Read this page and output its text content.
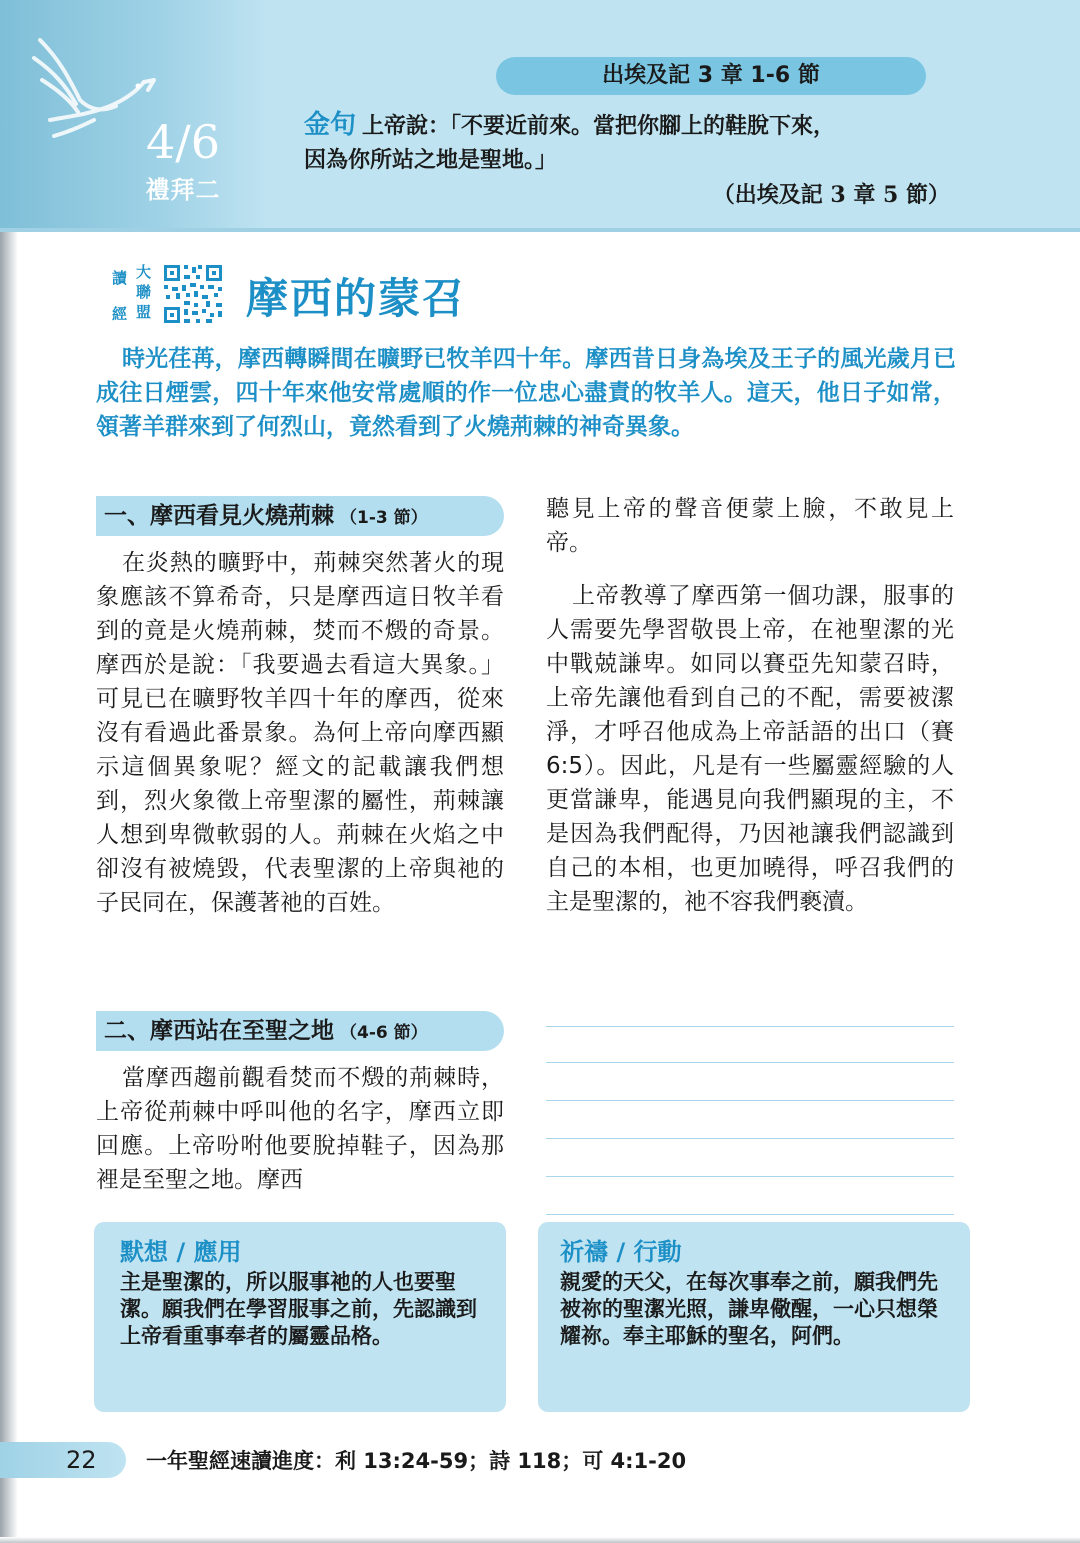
4/6
禮拜二
出埃及記 3 章 1-6 節
金句 上帝說：「不要近前來。當把你腳上的鞋脫下來，
因為你所站之地是聖地。」
（出埃及記 3 章 5 節）
讀 大
聯
經 盟 摩西的蒙召
時光荏苒，摩西轉瞬間在曠野已牧羊四十年。摩西昔日身為埃及王子的風光歲月已成往日煙雲，四十年來他安常處順的作一位忠心盡責的牧羊人。這天，他日子如常，領著羊群來到了何烈山，竟然看到了火燒荊棘的神奇異象。
一、摩西看見火燒荊棘 （1-3 節）
在炎熱的曠野中，荊棘突然著火的現象應該不算希奇，只是摩西這日牧羊看到的竟是火燒荊棘，焚而不燬的奇景。摩西於是說：「我要過去看這大異象。」可見已在曠野牧羊四十年的摩西，從來沒有看過此番景象。為何上帝向摩西顯示這個異象呢？經文的記載讓我們想到，烈火象徵上帝聖潔的屬性，荊棘讓人想到卑微軟弱的人。荊棘在火焰之中卻沒有被燒毀，代表聖潔的上帝與祂的子民同在，保護著祂的百姓。
二、摩西站在至聖之地 （4-6 節）
當摩西趨前觀看焚而不燬的荊棘時，上帝從荊棘中呼叫他的名字，摩西立即回應。上帝吩咐他要脫掉鞋子，因為那裡是至聖之地。摩西
聽見上帝的聲音便蒙上臉，不敢見上帝。
上帝教導了摩西第一個功課，服事的人需要先學習敬畏上帝，在祂聖潔的光中戰兢謙卑。如同以賽亞先知蒙召時，上帝先讓他看到自己的不配，需要被潔淨，才呼召他成為上帝話語的出口（賽 6:5）。因此，凡是有一些屬靈經驗的人更當謙卑，能遇見向我們顯現的主，不是因為我們配得，乃因祂讓我們認識到自己的本相，也更加曉得，呼召我們的主是聖潔的，祂不容我們褻瀆。
默想 / 應用
主是聖潔的，所以服事祂的人也要聖潔。願我們在學習服事之前，先認識到上帝看重事奉者的屬靈品格。
祈禱 / 行動
親愛的天父，在每次事奉之前，願我們先被祢的聖潔光照，謙卑儆醒，一心只想榮耀祢。奉主耶穌的聖名，阿們。
22 一年聖經速讀進度：利 13:24-59；詩 118；可 4:1-20
